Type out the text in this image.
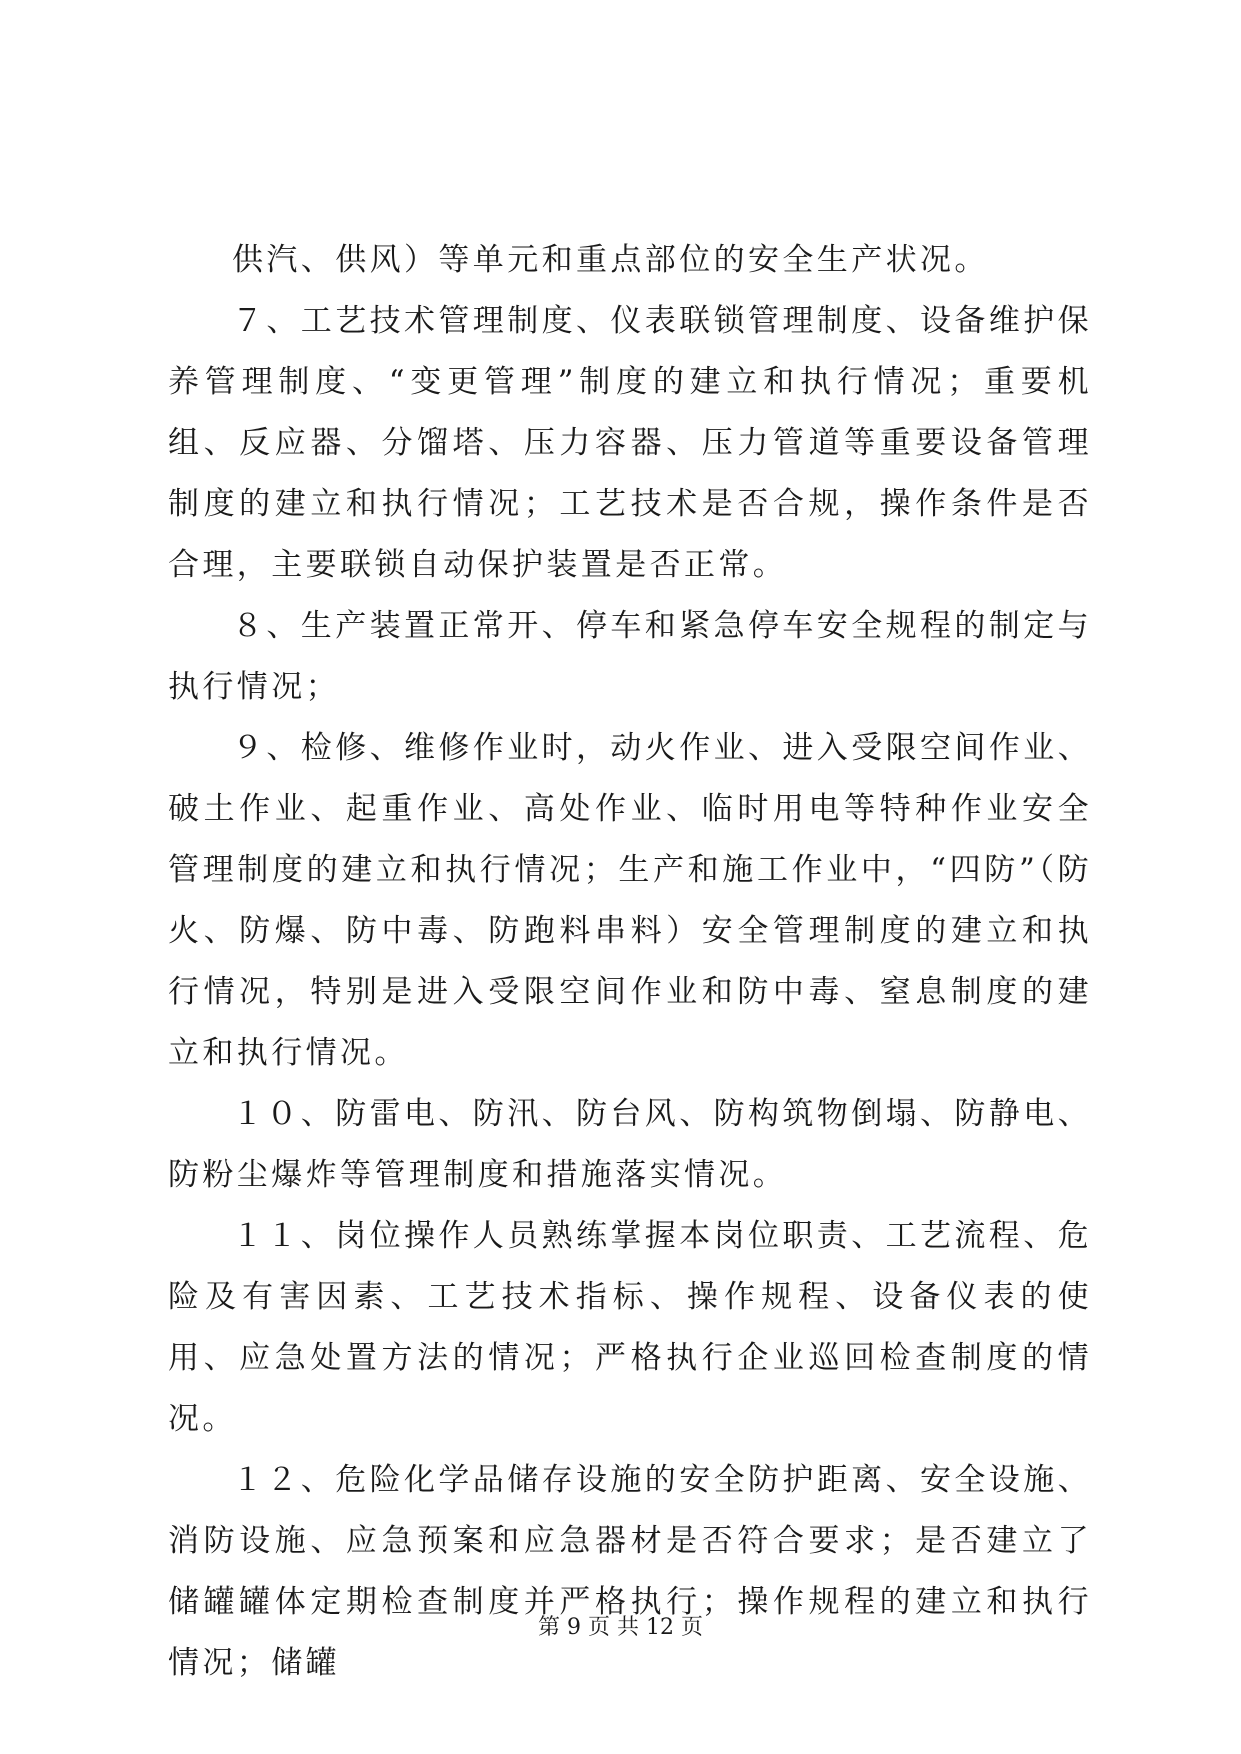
供汽、供风）等单元和重点部位的安全生产状况。

７、工艺技术管理制度、仪表联锁管理制度、设备维护保养管理制度、“变更管理”制度的建立和执行情况；重要机组、反应器、分馏塔、压力容器、压力管道等重要设备管理制度的建立和执行情况；工艺技术是否合规，操作条件是否合理，主要联锁自动保护装置是否正常。

８、生产装置正常开、停车和紧急停车安全规程的制定与执行情况；

９、检修、维修作业时，动火作业、进入受限空间作业、破土作业、起重作业、高处作业、临时用电等特种作业安全管理制度的建立和执行情况；生产和施工作业中，“四防”（防火、防爆、防中毒、防跑料串料）安全管理制度的建立和执行情况，特别是进入受限空间作业和防中毒、窒息制度的建立和执行情况。

１０、防雷电、防汛、防台风、防构筑物倒塌、防静电、防粉尘爆炸等管理制度和措施落实情况。

１１、岗位操作人员熟练掌握本岗位职责、工艺流程、危险及有害因素、工艺技术指标、操作规程、设备仪表的使用、应急处置方法的情况；严格执行企业巡回检查制度的情况。

１２、危险化学品储存设施的安全防护距离、安全设施、消防设施、应急预案和应急器材是否符合要求；是否建立了储罐罐体定期检查制度并严格执行；操作规程的建立和执行情况；储罐

第 9 页 共 12 页
